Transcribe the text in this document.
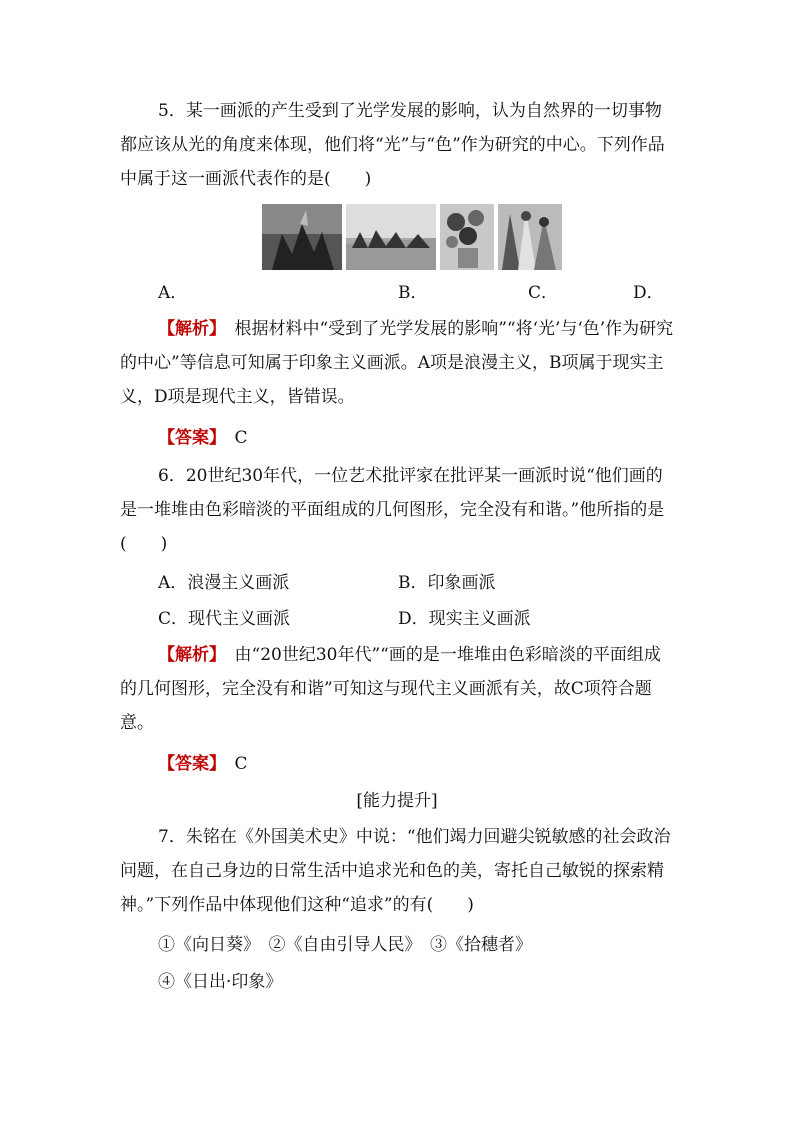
5．某一画派的产生受到了光学发展的影响，认为自然界的一切事物都应该从光的角度来体现，他们将“光”与“色”作为研究的中心。下列作品中属于这一画派代表作的是(　　)
A．	B．	C．	D．
【解析】　 根据材料中“受到了光学发展的影响”“将‘光’与‘色’作为研究的中心”等信息可知属于印象主义画派。A项是浪漫主义，B项属于现实主义，D项是现代主义，皆错误。
【答案】　 C
6．20世纪30年代，一位艺术批评家在批评某一画派时说“他们画的是一堆堆由色彩暗淡的平面组成的几何图形，完全没有和谐。”他所指的是(　　)
A．浪漫主义画派	B．印象画派
C．现代主义画派	D．现实主义画派
【解析】　 由“20世纪30年代”“画的是一堆堆由色彩暗淡的平面组成的几何图形，完全没有和谐”可知这与现代主义画派有关，故C项符合题意。
【答案】　 C
[能力提升]
7．朱铭在《外国美术史》中说：“他们竭力回避尖锐敏感的社会政治问题，在自己身边的日常生活中追求光和色的美，寄托自己敏锐的探索精神。”下列作品中体现他们这种“追求”的有(　　)
①《向日葵》　②《自由引导人民》　③《拾穗者》
④《日出·印象》
